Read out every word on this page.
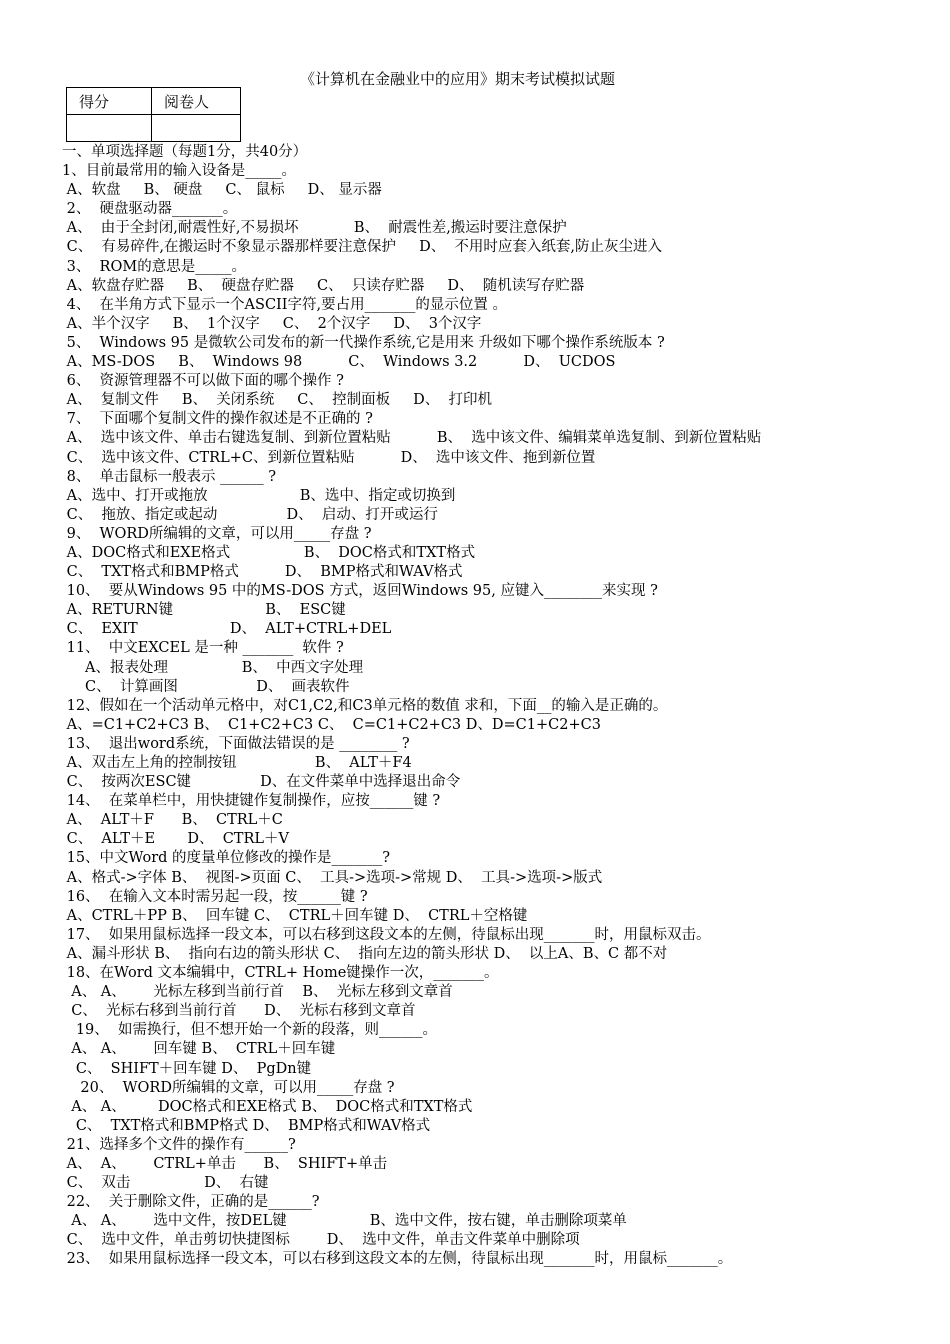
《计算机在金融业中的应用》期末考试模拟试题
得分	阅卷人

一、单项选择题（每题1分，共40分）
1、目前最常用的输入设备是_____。
A、软盘     B、 硬盘     C、 鼠标     D、 显示器
2、  硬盘驱动器_______。
A、  由于全封闭,耐震性好,不易损坏            B、  耐震性差,搬运时要注意保护
C、  有易碎件,在搬运时不象显示器那样要注意保护     D、  不用时应套入纸套,防止灰尘进入
3、  ROM的意思是_____。
A、软盘存贮器     B、  硬盘存贮器     C、  只读存贮器     D、  随机读写存贮器
4、  在半角方式下显示一个ASCII字符,要占用_______的显示位置 。
A、半个汉字     B、  1个汉字     C、  2个汉字     D、  3个汉字
5、  Windows 95 是微软公司发布的新一代操作系统,它是用来 升级如下哪个操作系统版本 ?
A、MS-DOS     B、  Windows 98          C、  Windows 3.2          D、  UCDOS
6、  资源管理器不可以做下面的哪个操作 ?
A、  复制文件     B、  关闭系统     C、  控制面板     D、  打印机
7、  下面哪个复制文件的操作叙述是不正确的 ?
A、  选中该文件、单击右键选复制、到新位置粘贴          B、  选中该文件、编辑菜单选复制、到新位置粘贴
C、  选中该文件、CTRL+C、到新位置粘贴          D、  选中该文件、拖到新位置
8、  单击鼠标一般表示 ______ ?
A、选中、打开或拖放                    B、选中、指定或切换到
C、  拖放、指定或起动               D、  启动、打开或运行
9、  WORD所编辑的文章，可以用_____存盘 ?
A、DOC格式和EXE格式                B、  DOC格式和TXT格式
C、  TXT格式和BMP格式          D、  BMP格式和WAV格式
10、  要从Windows 95 中的MS-DOS 方式，返回Windows 95, 应键入________来实现 ?
A、RETURN键                    B、  ESC键
C、  EXIT                    D、  ALT+CTRL+DEL
11、  中文EXCEL 是一种 _______  软件 ?
A、报表处理                B、  中西文字处理
C、  计算画图                 D、  画表软件
12、假如在一个活动单元格中，对C1,C2,和C3单元格的数值 求和，下面__的输入是正确的。
A、=C1+C2+C3 B、  C1+C2+C3 C、  C=C1+C2+C3 D、D=C1+C2+C3
13、  退出word系统，下面做法错误的是 ________ ?
A、双击左上角的控制按钮                 B、  ALT＋F4
C、  按两次ESC键               D、在文件菜单中选择退出命令
14、  在菜单栏中，用快捷键作复制操作，应按______键 ?
A、  ALT＋F      B、  CTRL＋C
C、  ALT＋E       D、  CTRL＋V
15、中文Word 的度量单位修改的操作是_______?
A、格式->字体 B、  视图->页面 C、  工具->选项->常规 D、  工具->选项->版式
16、  在输入文本时需另起一段，按______键 ?
A、CTRL＋PP B、  回车键 C、  CTRL＋回车键 D、  CTRL＋空格键
17、  如果用鼠标选择一段文本，可以右移到这段文本的左侧，待鼠标出现_______时，用鼠标双击。
A、漏斗形状 B、  指向右边的箭头形状 C、  指向左边的箭头形状 D、  以上A、B、C 都不对
18、在Word 文本编辑中，CTRL+ Home键操作一次，_______。
A、 A、      光标左移到当前行首    B、  光标左移到文章首
C、  光标右移到当前行首      D、  光标右移到文章首
19、  如需换行，但不想开始一个新的段落，则______。
A、 A、      回车键 B、  CTRL＋回车键
C、  SHIFT＋回车键 D、  PgDn键
20、  WORD所编辑的文章，可以用_____存盘 ?
A、 A、       DOC格式和EXE格式 B、  DOC格式和TXT格式
C、  TXT格式和BMP格式 D、  BMP格式和WAV格式
21、选择多个文件的操作有______?
A、  A、      CTRL+单击      B、  SHIFT+单击
C、  双击                D、  右键
22、  关于删除文件，正确的是______?
A、 A、      选中文件，按DEL键                  B、选中文件，按右键，单击删除项菜单
C、  选中文件，单击剪切快捷图标        D、  选中文件，单击文件菜单中删除项
23、  如果用鼠标选择一段文本，可以右移到这段文本的左侧，待鼠标出现_______时，用鼠标_______。
